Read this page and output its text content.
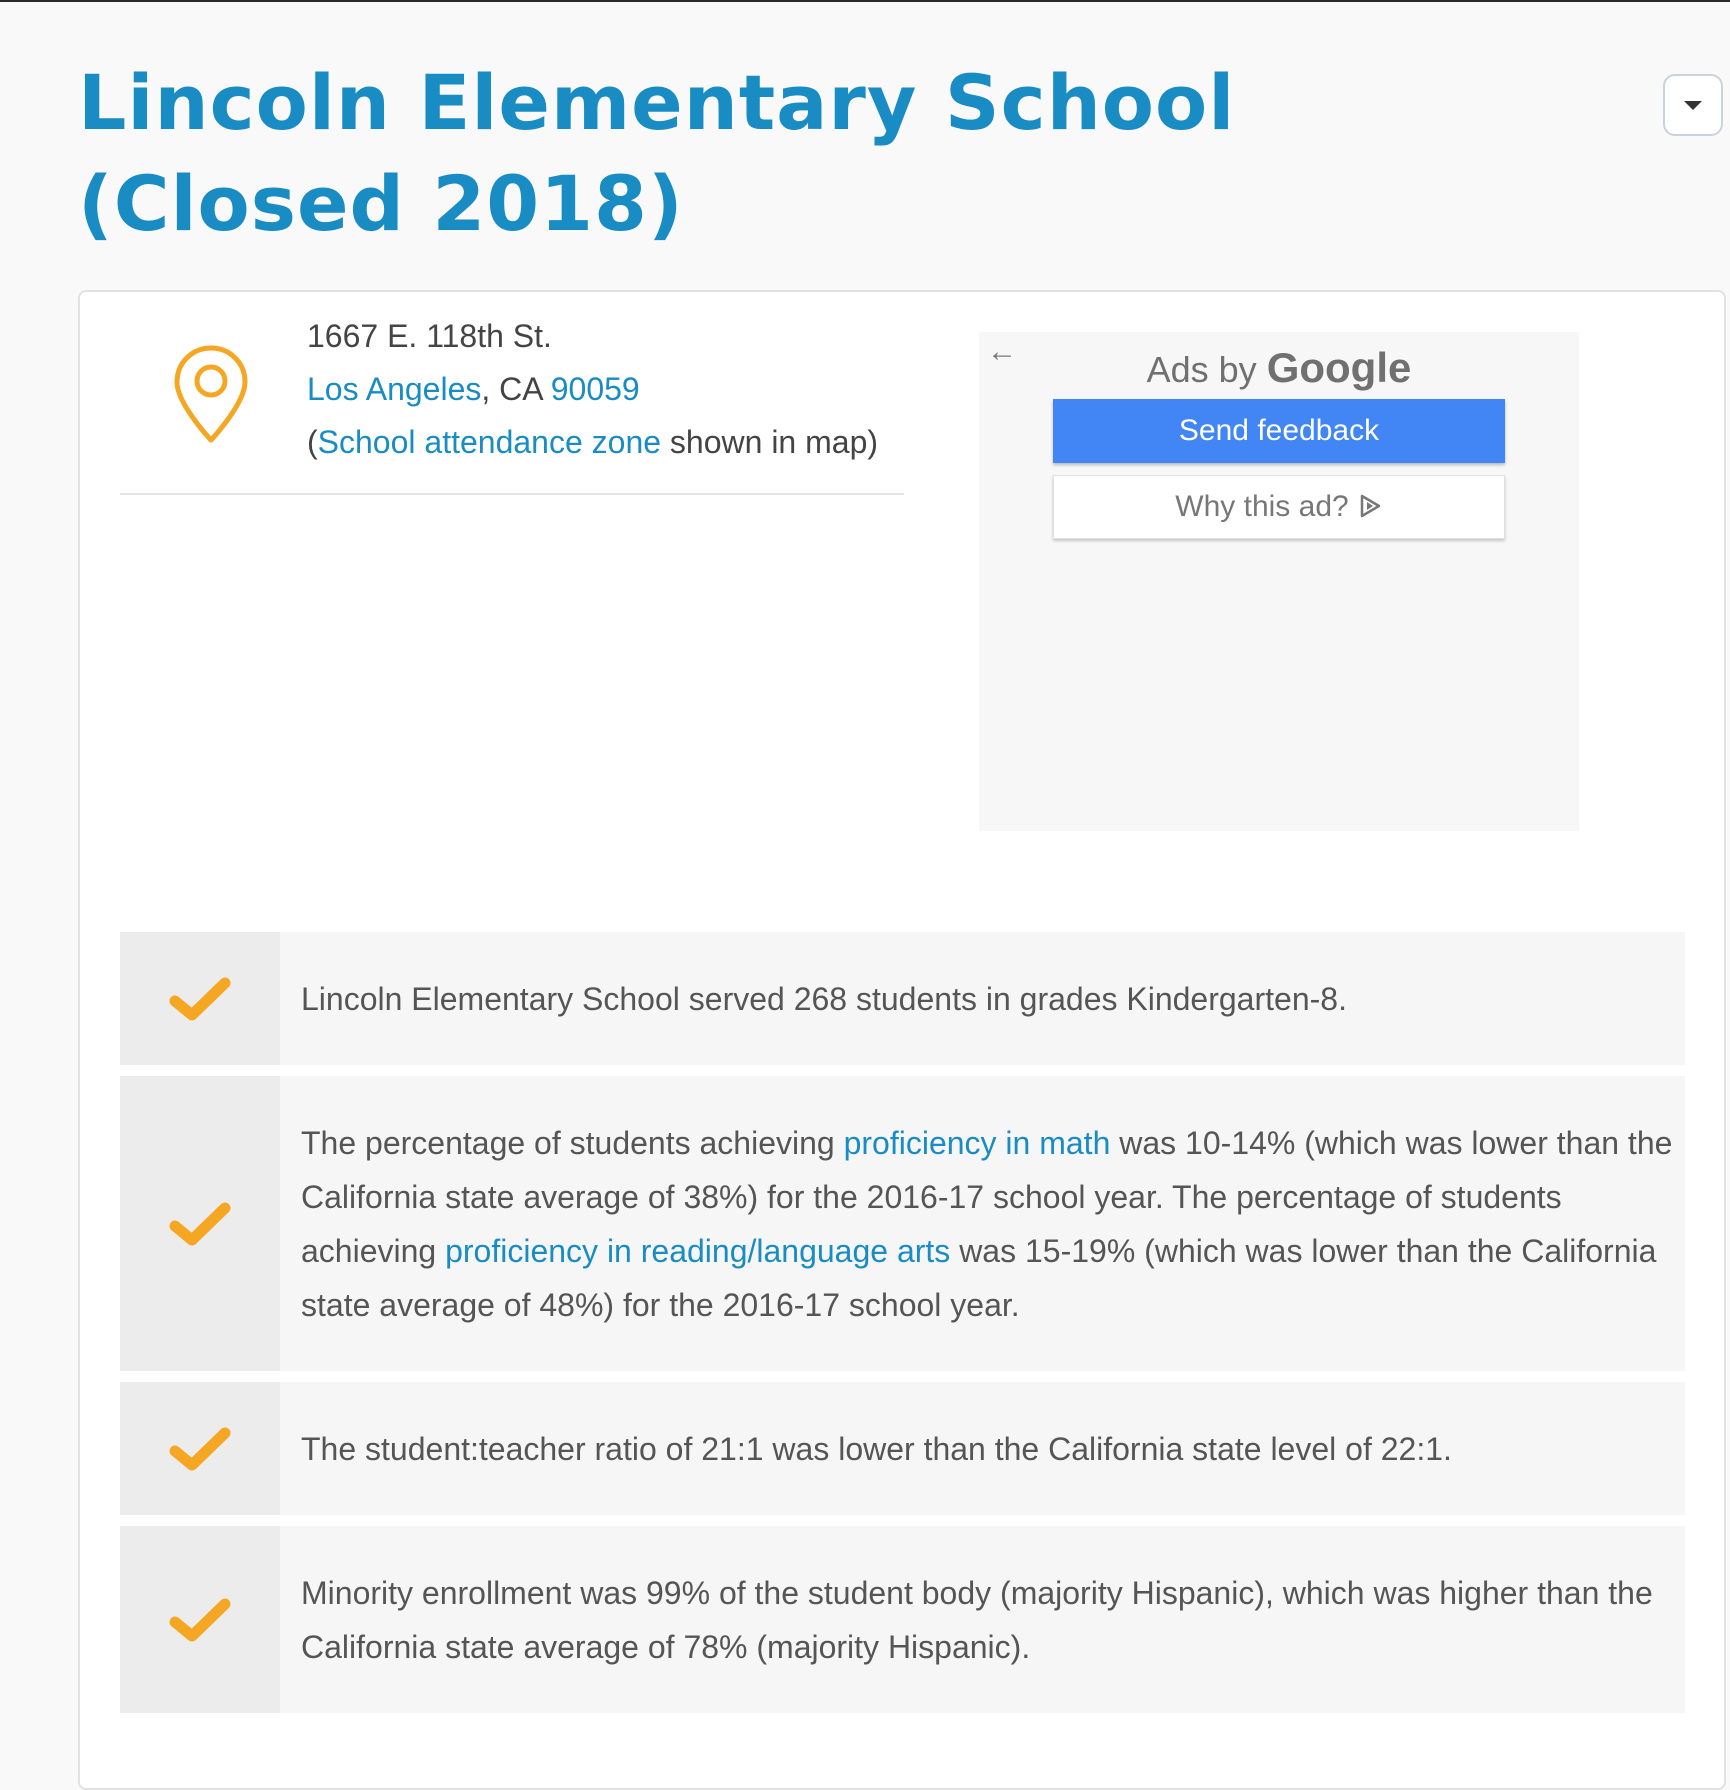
Lincoln Elementary School (Closed 2018)
1667 E. 118th St.
Los Angeles, CA 90059
(School attendance zone shown in map)
←	Ads by Google
Send feedback
Why this ad?
Lincoln Elementary School served 268 students in grades Kindergarten-8.
The percentage of students achieving proficiency in math was 10-14% (which was lower than the California state average of 38%) for the 2016-17 school year. The percentage of students achieving proficiency in reading/language arts was 15-19% (which was lower than the California state average of 48%) for the 2016-17 school year.
The student:teacher ratio of 21:1 was lower than the California state level of 22:1.
Minority enrollment was 99% of the student body (majority Hispanic), which was higher than the California state average of 78% (majority Hispanic).
